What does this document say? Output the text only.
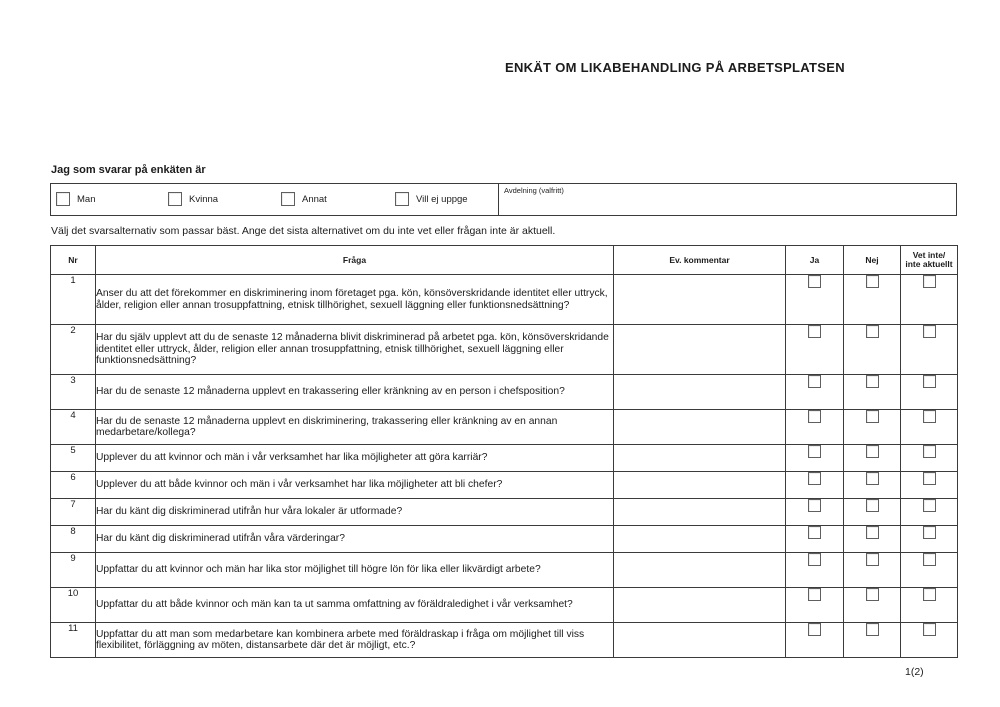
ENKÄT OM LIKABEHANDLING PÅ ARBETSPLATSEN
Jag som svarar på enkäten är
Man	Kvinna	Annat	Vill ej uppge
Avdelning (valfritt)
Välj det svarsalternativ som passar bäst. Ange det sista alternativet om du inte vet eller frågan inte är aktuell.
Nr	Fråga	Ev. kommentar	Ja	Nej	Vet inte/
inte aktuellt

1	Anser du att det förekommer en diskriminering inom företaget pga. kön, könsöverskridande identitet eller uttryck, ålder, religion eller annan trosuppfattning, etnisk tillhörighet, sexuell läggning eller funktionsnedsättning?				
2	Har du själv upplevt att du de senaste 12 månaderna blivit diskriminerad på arbetet pga. kön, könsöverskridande identitet eller uttryck, ålder, religion eller annan trosuppfattning, etnisk tillhörighet, sexuell läggning eller funktionsnedsättning?				
3	Har du de senaste 12 månaderna upplevt en trakassering eller kränkning av en person i chefsposition?				
4	Har du de senaste 12 månaderna upplevt en diskriminering, trakassering eller kränkning av en annan medarbetare/kollega?				
5	Upplever du att kvinnor och män i vår verksamhet har lika möjligheter att göra karriär?				
6	Upplever du att både kvinnor och män i vår verksamhet har lika möjligheter att bli chefer?				
7	Har du känt dig diskriminerad utifrån hur våra lokaler är utformade?				
8	Har du känt dig diskriminerad utifrån våra värderingar?				
9	Uppfattar du att kvinnor och män har lika stor möjlighet till högre lön för lika eller likvärdigt arbete?				
10	Uppfattar du att både kvinnor och män kan ta ut samma omfattning av föräldraledighet i vår verksamhet?				
11	Uppfattar du att man som medarbetare kan kombinera arbete med föräldraskap i fråga om möjlighet till viss flexibilitet, förläggning av möten, distansarbete där det är möjligt, etc.?				
1(2)
